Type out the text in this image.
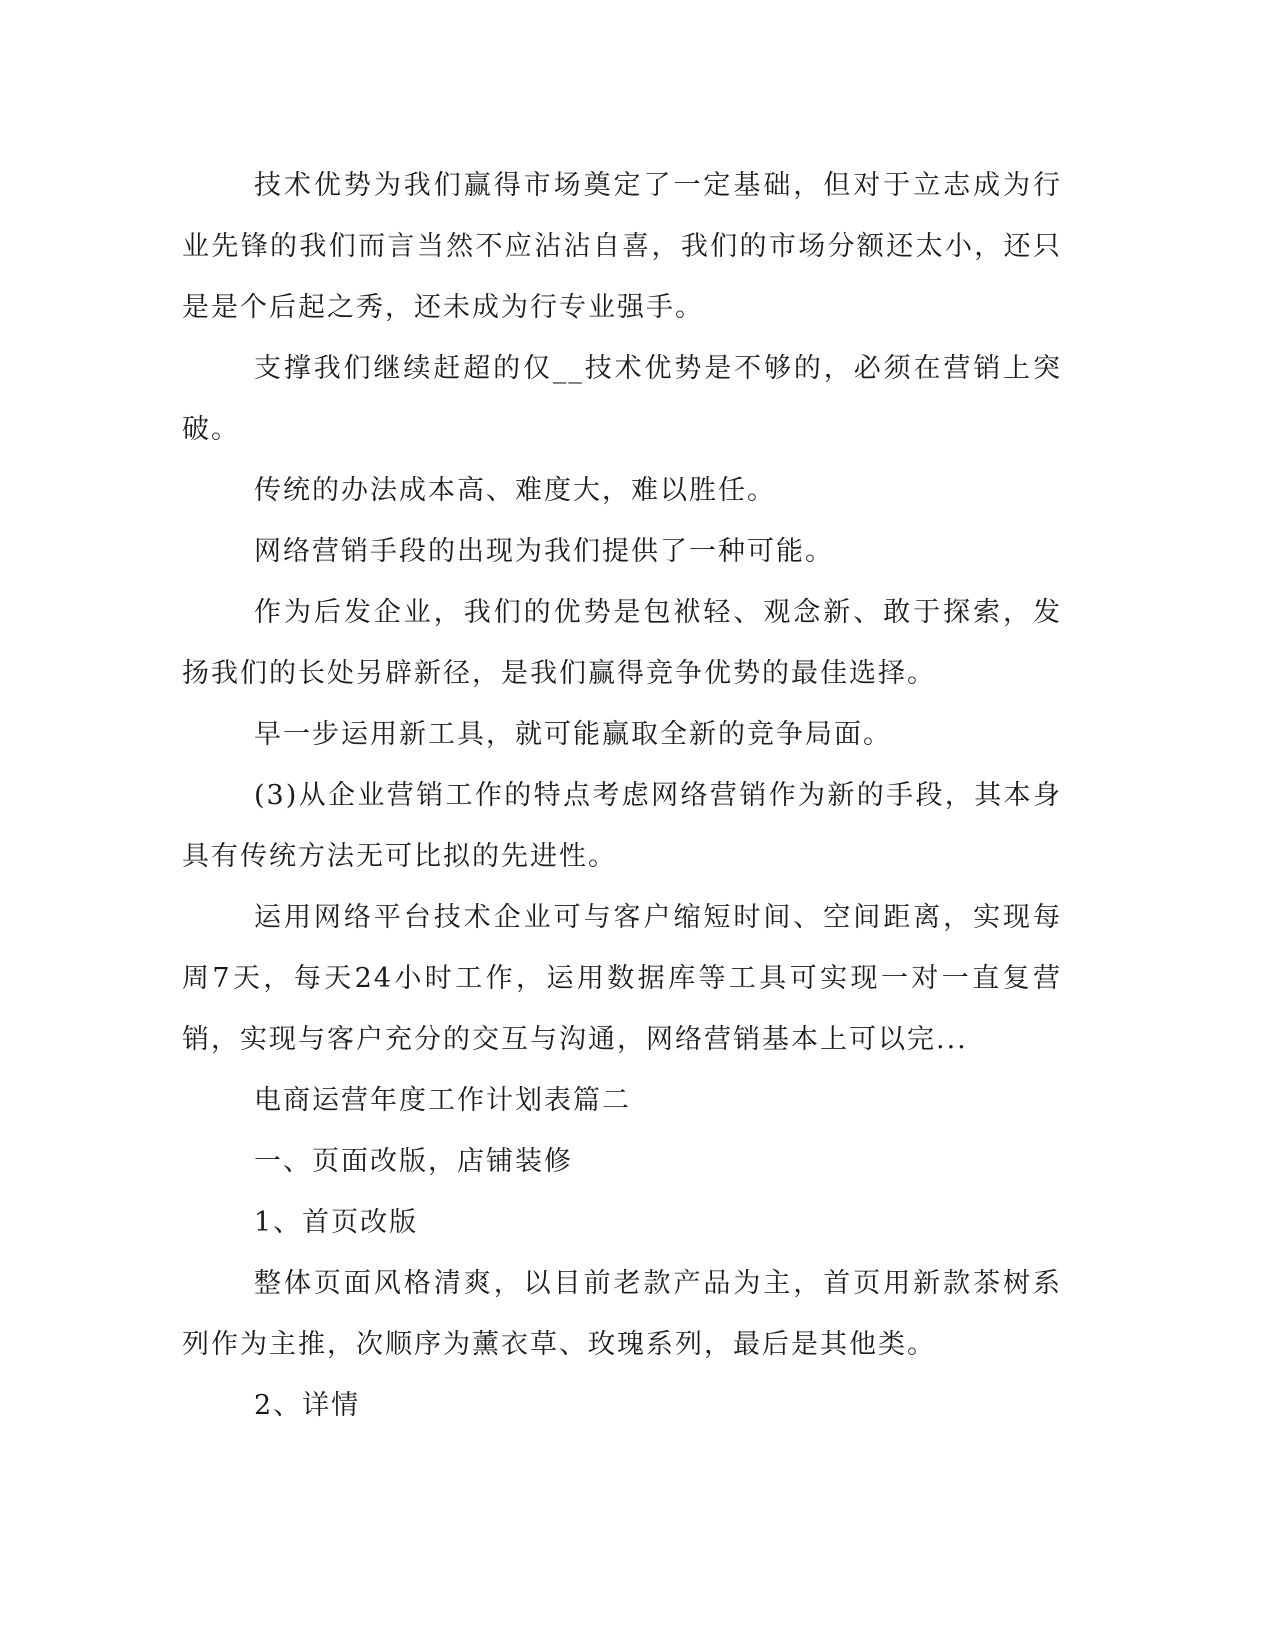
技术优势为我们赢得市场奠定了一定基础，但对于立志成为行业先锋的我们而言当然不应沾沾自喜，我们的市场分额还太小，还只是是个后起之秀，还未成为行专业强手。

支撑我们继续赶超的仅__技术优势是不够的，必须在营销上突破。

传统的办法成本高、难度大，难以胜任。

网络营销手段的出现为我们提供了一种可能。

作为后发企业，我们的优势是包袱轻、观念新、敢于探索，发扬我们的长处另辟新径，是我们赢得竞争优势的最佳选择。

早一步运用新工具，就可能赢取全新的竞争局面。

(3)从企业营销工作的特点考虑网络营销作为新的手段，其本身具有传统方法无可比拟的先进性。

运用网络平台技术企业可与客户缩短时间、空间距离，实现每周7天，每天24小时工作，运用数据库等工具可实现一对一直复营销，实现与客户充分的交互与沟通，网络营销基本上可以完...

电商运营年度工作计划表篇二

一、页面改版，店铺装修

1、首页改版

整体页面风格清爽，以目前老款产品为主，首页用新款茶树系列作为主推，次顺序为薰衣草、玫瑰系列，最后是其他类。

2、详情
